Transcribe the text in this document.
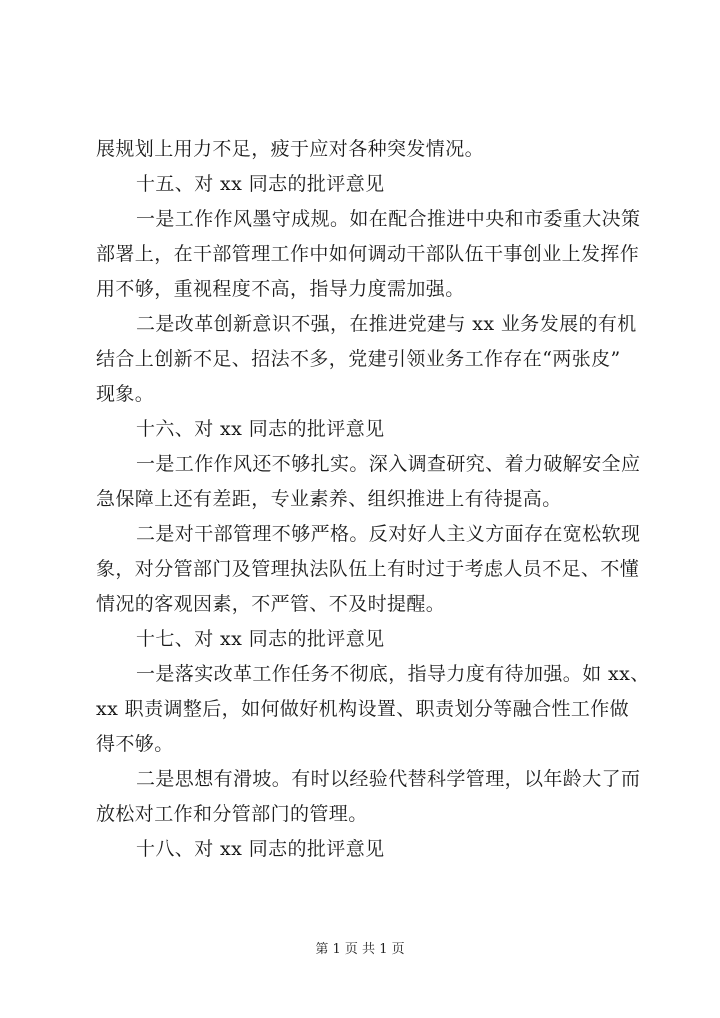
展规划上用力不足，疲于应对各种突发情况。
十五、对 xx 同志的批评意见
一是工作作风墨守成规。如在配合推进中央和市委重大决策
部署上，在干部管理工作中如何调动干部队伍干事创业上发挥作
用不够，重视程度不高，指导力度需加强。
二是改革创新意识不强，在推进党建与 xx 业务发展的有机
结合上创新不足、招法不多，党建引领业务工作存在“两张皮”
现象。
十六、对 xx 同志的批评意见
一是工作作风还不够扎实。深入调查研究、着力破解安全应
急保障上还有差距，专业素养、组织推进上有待提高。
二是对干部管理不够严格。反对好人主义方面存在宽松软现
象，对分管部门及管理执法队伍上有时过于考虑人员不足、不懂
情况的客观因素，不严管、不及时提醒。
十七、对 xx 同志的批评意见
一是落实改革工作任务不彻底，指导力度有待加强。如 xx、
xx 职责调整后，如何做好机构设置、职责划分等融合性工作做
得不够。
二是思想有滑坡。有时以经验代替科学管理，以年龄大了而
放松对工作和分管部门的管理。
十八、对 xx 同志的批评意见
第 1 页 共 1 页
